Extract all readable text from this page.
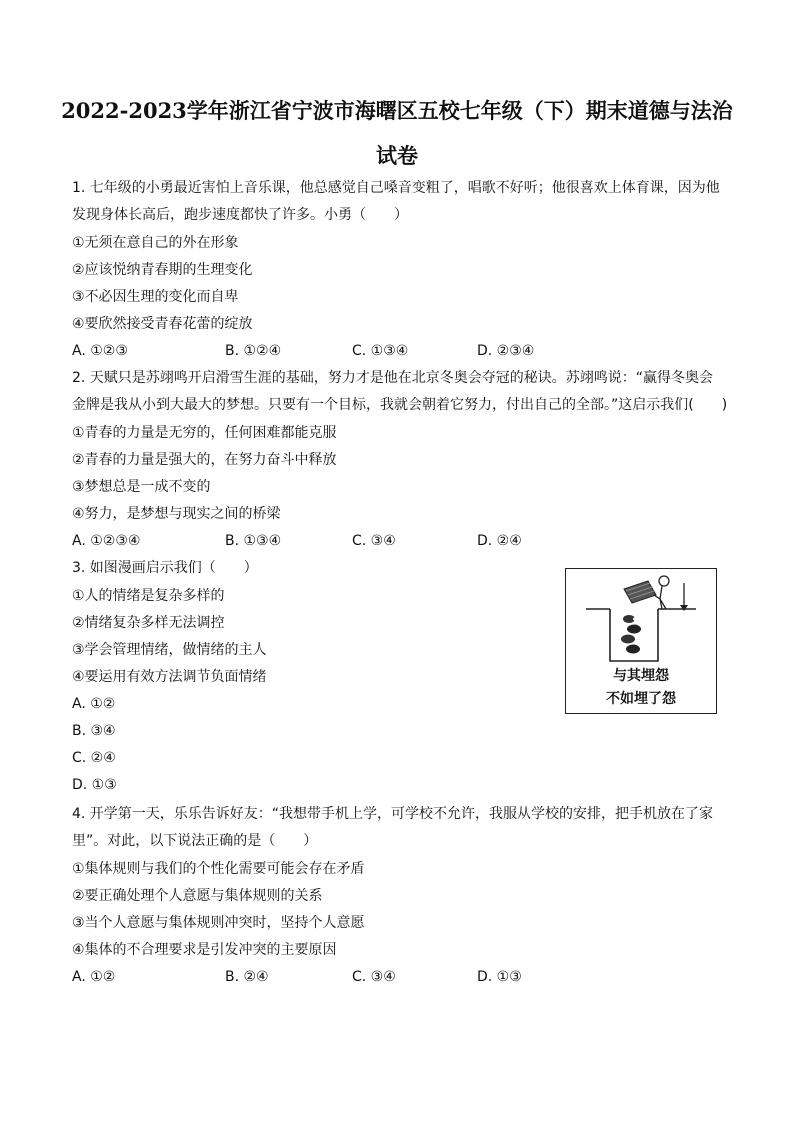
2022-2023学年浙江省宁波市海曙区五校七年级（下）期末道德与法治
试卷
1. 七年级的小勇最近害怕上音乐课，他总感觉自己嗓音变粗了，唱歌不好听；他很喜欢上体育课，因为他
发现身体长高后，跑步速度都快了许多。小勇（　　）
①无须在意自己的外在形象
②应该悦纳青春期的生理变化
③不必因生理的变化而自卑
④要欣然接受青春花蕾的绽放
A. ①②③	B. ①②④	C. ①③④	D. ②③④
2. 天赋只是苏翊鸣开启滑雪生涯的基础，努力才是他在北京冬奥会夺冠的秘诀。苏翊鸣说：“赢得冬奥会
金牌是我从小到大最大的梦想。只要有一个目标，我就会朝着它努力，付出自己的全部。”这启示我们(　　)
①青春的力量是无穷的，任何困难都能克服
②青春的力量是强大的，在努力奋斗中释放
③梦想总是一成不变的
④努力，是梦想与现实之间的桥梁
A. ①②③④	B. ①③④	C. ③④	D. ②④
3. 如图漫画启示我们（　　）
①人的情绪是复杂多样的
②情绪复杂多样无法调控
③学会管理情绪，做情绪的主人
④要运用有效方法调节负面情绪
A. ①②
B. ③④
C. ②④
D. ①③
与其埋怨
不如埋了怨
4. 开学第一天，乐乐告诉好友：“我想带手机上学，可学校不允许，我服从学校的安排，把手机放在了家
里”。对此，以下说法正确的是（　　）
①集体规则与我们的个性化需要可能会存在矛盾
②要正确处理个人意愿与集体规则的关系
③当个人意愿与集体规则冲突时，坚持个人意愿
④集体的不合理要求是引发冲突的主要原因
A. ①②	B. ②④	C. ③④	D. ①③
